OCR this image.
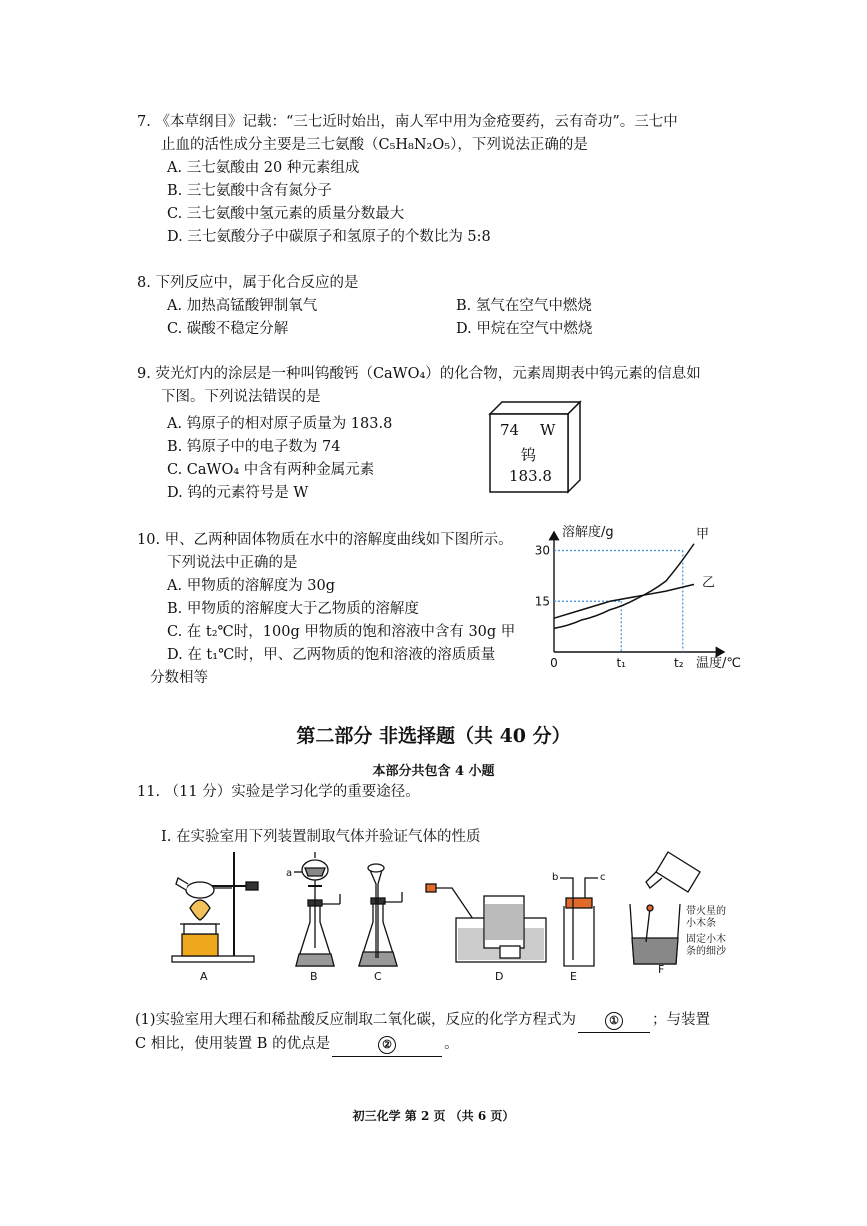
7. 《本草纲目》记载：“三七近时始出，南人军中用为金疮要药，云有奇功”。三七中
止血的活性成分主要是三七氨酸（C₅H₈N₂O₅），下列说法正确的是
A. 三七氨酸由 20 种元素组成
B. 三七氨酸中含有氮分子
C. 三七氨酸中氢元素的质量分数最大
D. 三七氨酸分子中碳原子和氢原子的个数比为 5:8
8. 下列反应中，属于化合反应的是
A. 加热高锰酸钾制氧气	B. 氢气在空气中燃烧
C. 碳酸不稳定分解	D. 甲烷在空气中燃烧
9. 荧光灯内的涂层是一种叫钨酸钙（CaWO₄）的化合物，元素周期表中钨元素的信息如
下图。下列说法错误的是
A. 钨原子的相对原子质量为 183.8
B. 钨原子中的电子数为 74
C. CaWO₄ 中含有两种金属元素
D. 钨的元素符号是 W
74 W
钨
183.8
10. 甲、乙两种固体物质在水中的溶解度曲线如下图所示。
下列说法中正确的是
A. 甲物质的溶解度为 30g
B. 甲物质的溶解度大于乙物质的溶解度
C. 在 t₂℃时，100g 甲物质的饱和溶液中含有 30g 甲
D. 在 t₁℃时，甲、乙两物质的饱和溶液的溶质质量
分数相等
溶解度/g
温度/℃
0
15
30
t₁	t₂
甲
乙
第二部分 非选择题（共 40 分）
本部分共包含 4 小题
11. （11 分）实验是学习化学的重要途径。
Ⅰ. 在实验室用下列装置制取气体并验证气体的性质
a	b	c
A	B	C	D	E
F
带火星的
小木条
固定小木
条的细沙
(1)实验室用大理石和稀盐酸反应制取二氧化碳，反应的化学方程式为	① ；与装置
C 相比，使用装置 B 的优点是	②	。
初三化学 第 2 页 （共 6 页）
